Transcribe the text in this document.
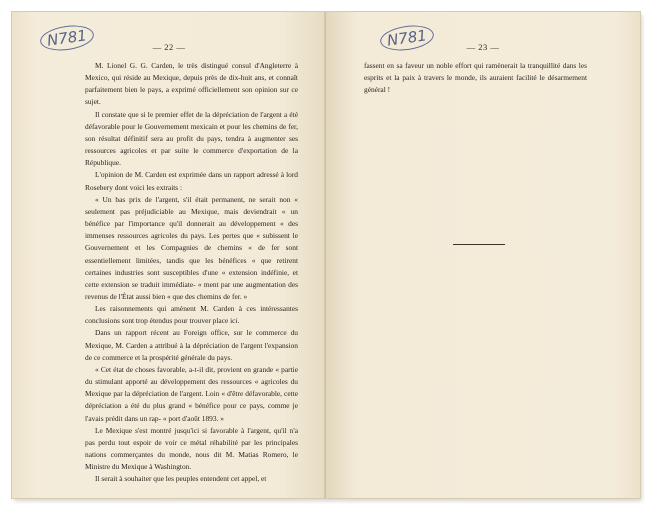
N781	— 22 —

M. Lionel G. G. Carden, le très distingué consul d'Angleterre à Mexico, qui réside au Mexique, depuis près de dix-huit ans, et connaît parfaitement bien le pays, a exprimé officiellement son opinion sur ce sujet.

Il constate que si le premier effet de la dépréciation de l'argent a été défavorable pour le Gouvernement mexicain et pour les chemins de fer, son résultat définitif sera au profit du pays, tendra à augmenter ses ressources agricoles et par suite le commerce d'exportation de la République.

L'opinion de M. Carden est exprimée dans un rapport adressé à lord Rosebery dont voici les extraits :

« Un bas prix de l'argent, s'il était permanent, ne serait non « seulement pas préjudiciable au Mexique, mais deviendrait « un bénéfice par l'importance qu'il donnerait au développement « des immenses ressources agricoles du pays. Les pertes que « subissent le Gouvernement et les Compagnies de chemins « de fer sont essentiellement limitées, tandis que les bénéfices « que retirent certaines industries sont susceptibles d'une « extension indéfinie, et cette extension se traduit immédiate- « ment par une augmentation des revenus de l'État aussi bien « que des chemins de fer. »

Les raisonnements qui amènent M. Carden à ces intéressantes conclusions sont trop étendus pour trouver place ici.

Dans un rapport récent au Foreign office, sur le commerce du Mexique, M. Carden a attribué à la dépréciation de l'argent l'expansion de ce commerce et la prospérité générale du pays.

« Cet état de choses favorable, a-t-il dit, provient en grande « partie du stimulant apporté au développement des ressources « agricoles du Mexique par la dépréciation de l'argent. Loin « d'être défavorable, cette dépréciation a été du plus grand « bénéfice pour ce pays, comme je l'avais prédit dans un rap- « port d'août 1893. »

Le Mexique s'est montré jusqu'ici si favorable à l'argent, qu'il n'a pas perdu tout espoir de voir ce métal réhabilité par les principales nations commerçantes du monde, nous dit M. Matias Romero, le Ministre du Mexique à Washington.

Il serait à souhaiter que les peuples entendent cet appel, et

N781	— 23 —

fassent en sa faveur un noble effort qui ramènerait la tranquillité dans les esprits et la paix à travers le monde, ils auraient facilité le désarmement général !
